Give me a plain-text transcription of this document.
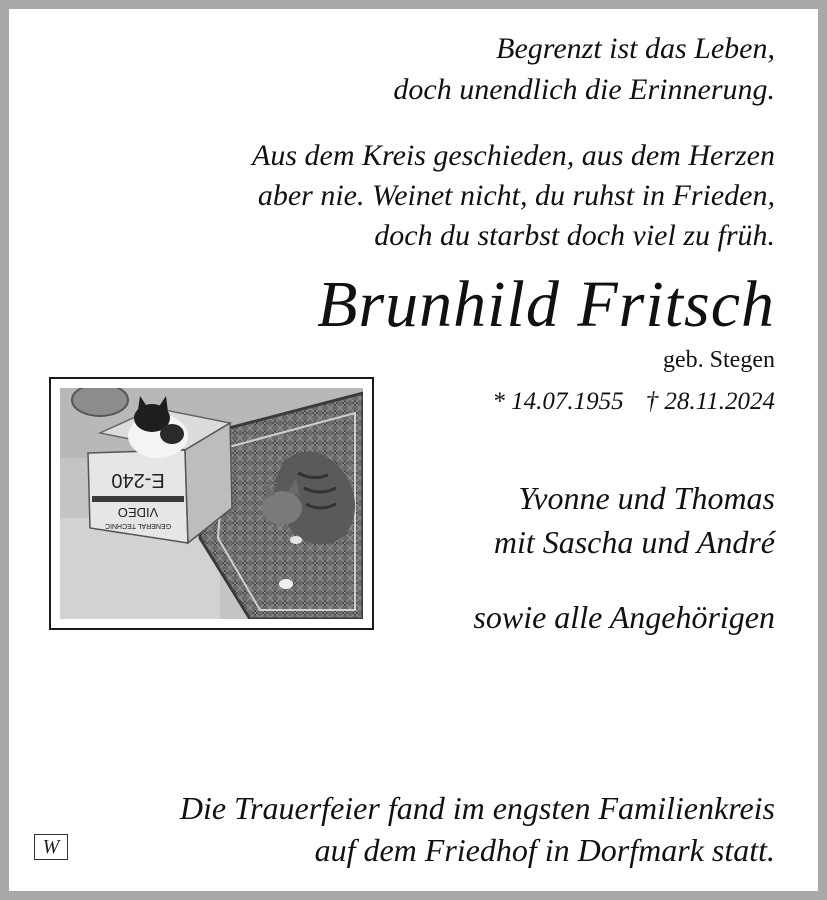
Begrenzt ist das Leben,
doch unendlich die Erinnerung.
Aus dem Kreis geschieden, aus dem Herzen
aber nie. Weinet nicht, du ruhst in Frieden,
doch du starbst doch viel zu früh.
Brunhild Fritsch
geb. Stegen
* 14.07.1955 † 28.11.2024
Yvonne und Thomas
mit Sascha und André
sowie alle Angehörigen
Die Trauerfeier fand im engsten Familienkreis
auf dem Friedhof in Dorfmark statt.
E-240
VIDEO
GENERAL TECHNIC
W
